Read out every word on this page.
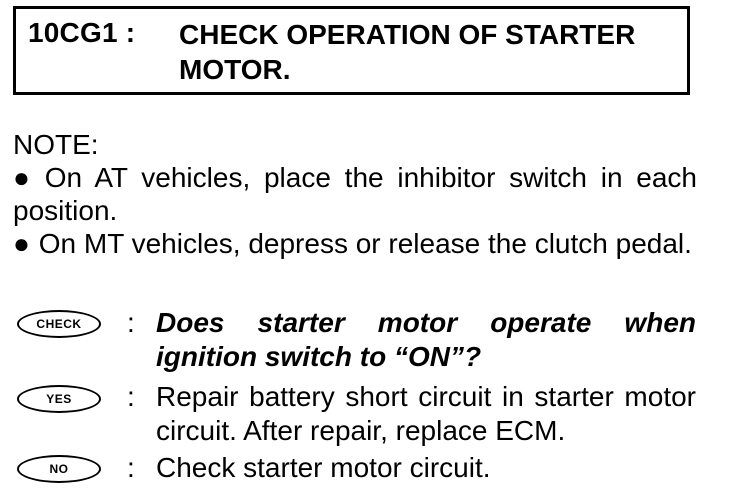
10CG1 : CHECK OPERATION OF STARTER MOTOR.
NOTE:
● On AT vehicles, place the inhibitor switch in each position.
● On MT vehicles, depress or release the clutch pedal.
CHECK	: Does starter motor operate when ignition switch to “ON”?
YES	: Repair battery short circuit in starter motor circuit. After repair, replace ECM.
NO	: Check starter motor circuit.
